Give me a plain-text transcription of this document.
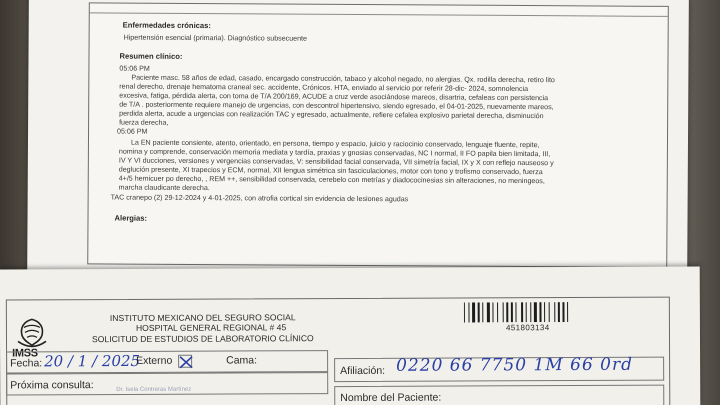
Enfermedades crónicas:
Hipertensión esencial (primaria). Diagnóstico subsecuente
Resumen clínico:
05:06 PM
Paciente masc. 58 años de edad, casado, encargado construcción, tabaco y alcohol negado, no alergias. Qx. rodilla derecha, retiro lito
renal derecho, drenaje hematoma craneal sec. accidente, Crónicos. HTA, enviado al servicio por referir 28-dic- 2024, somnolencia
excesiva, fatiga, pérdida alerta, con toma de T/A 200/169, ACUDE a cruz verde asociándose mareos, disartria, cefaleas con persistencia
de T/A . posteriormente requiere manejo de urgencias, con descontrol hipertensivo, siendo egresado, el 04-01-2025, nuevamente mareos,
perdida alerta, acude a urgencias con realización TAC y egresado, actualmente, refiere cefalea explosivo parietal derecha, disminución
fuerza derecha,
05:06 PM
La EN paciente consiente, atento, orientado, en persona, tiempo y espacio, juicio y raciocinio conservado, lenguaje fluente, repite,
nomina y comprende, conservación memoria mediata y tardía, praxias y gnosias conservadas, NC I normal, II FO papila bien limitada, III,
IV Y VI ducciones, versiones y vergencias conservadas, V: sensibilidad facial conservada, VII simetría facial, IX y X con reflejo nauseoso y
deglución presente, XI trapecios y ECM, normal, XII lengua simétrica sin fasciculaciones, motor con tono y trofismo conservado, fuerza
4+/5 hemicuer po derecho, , REM ++, sensibilidad conservada, cerebelo con metrías y diadococinesias sin alteraciones, no meningeos,
marcha claudicante derecha.
TAC cranepo (2) 29-12-2024 y 4-01-2025, con atrofia cortical sin evidencia de lesiones agudas
Alergias:
IMSS
INSTITUTO MEXICANO DEL SEGURO SOCIAL
HOSPITAL GENERAL REGIONAL # 45
SOLICITUD DE ESTUDIOS DE LABORATORIO CLÍNICO
451803134
Fecha: 20 / 1 / 2025
Externo	Cama:
Próxima consulta:	Dr. Isela Contreras Martínez
Afiliación: 0220 66 7750 1M 66 0rd
Nombre del Paciente:
